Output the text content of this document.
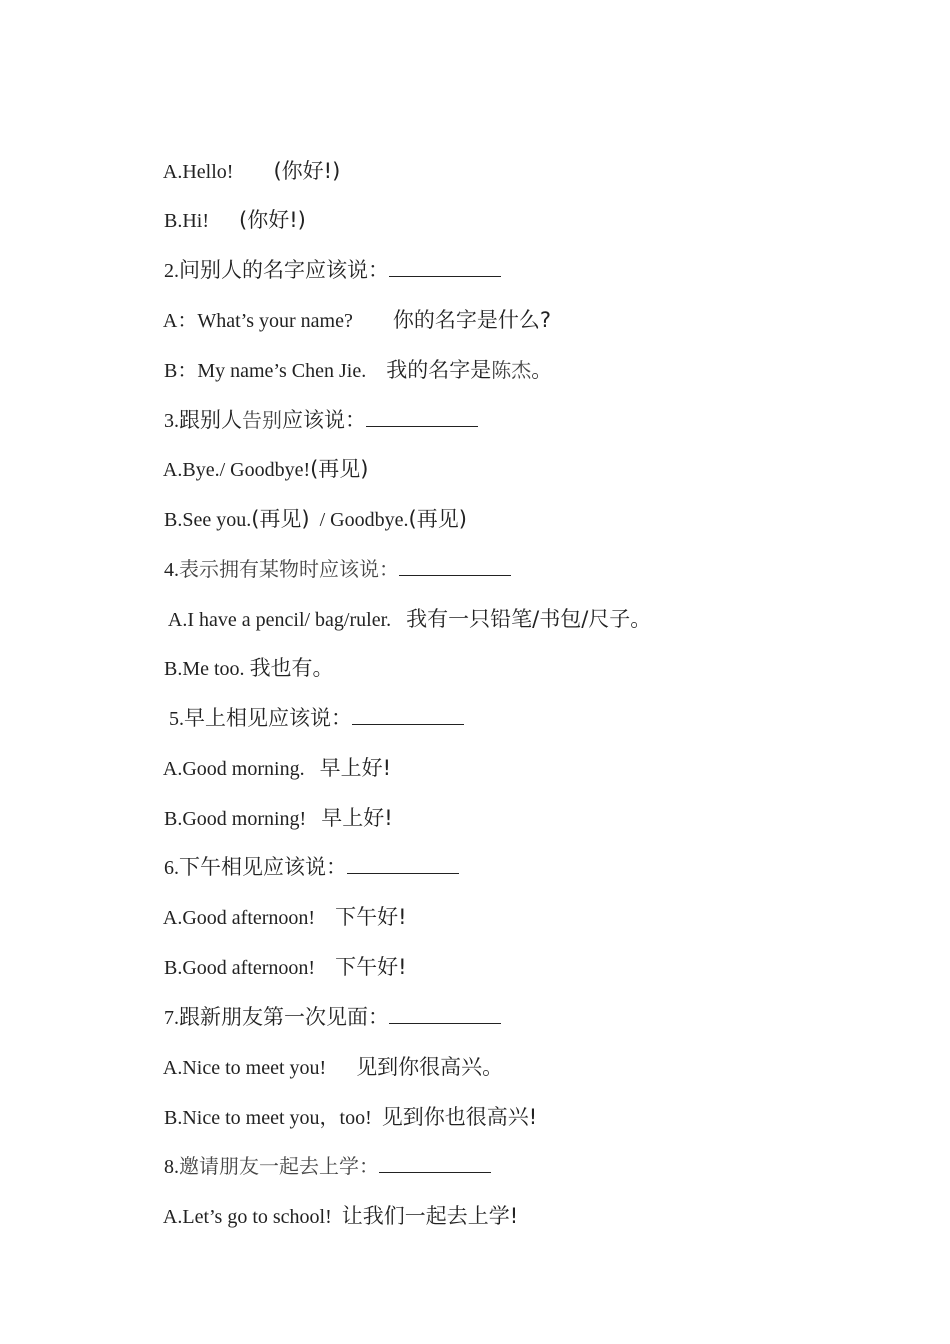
A.Hello! (你好!)

B.Hi! (你好!)

2.问别人的名字应该说：

A：What’s your name? 你的名字是什么?

B：My name’s Chen Jie. 我的名字是陈杰。

3.跟别人告别应该说：

A.Bye./ Goodbye!(再见)

B.See you.(再见)  / Goodbye.(再见)

4.表示拥有某物时应该说：

A.I have a pencil/ bag/ruler. 我有一只铅笔/书包/尺子。

B.Me too. 我也有。

5.早上相见应该说：

A.Good morning. 早上好!

B.Good morning! 早上好!

6.下午相见应该说：

A.Good afternoon! 下午好!

B.Good afternoon! 下午好!

7.跟新朋友第一次见面：

A.Nice to meet you! 见到你很高兴。

B.Nice to meet you，too! 见到你也很高兴!

8.邀请朋友一起去上学：

A.Let’s go to school! 让我们一起去上学!
